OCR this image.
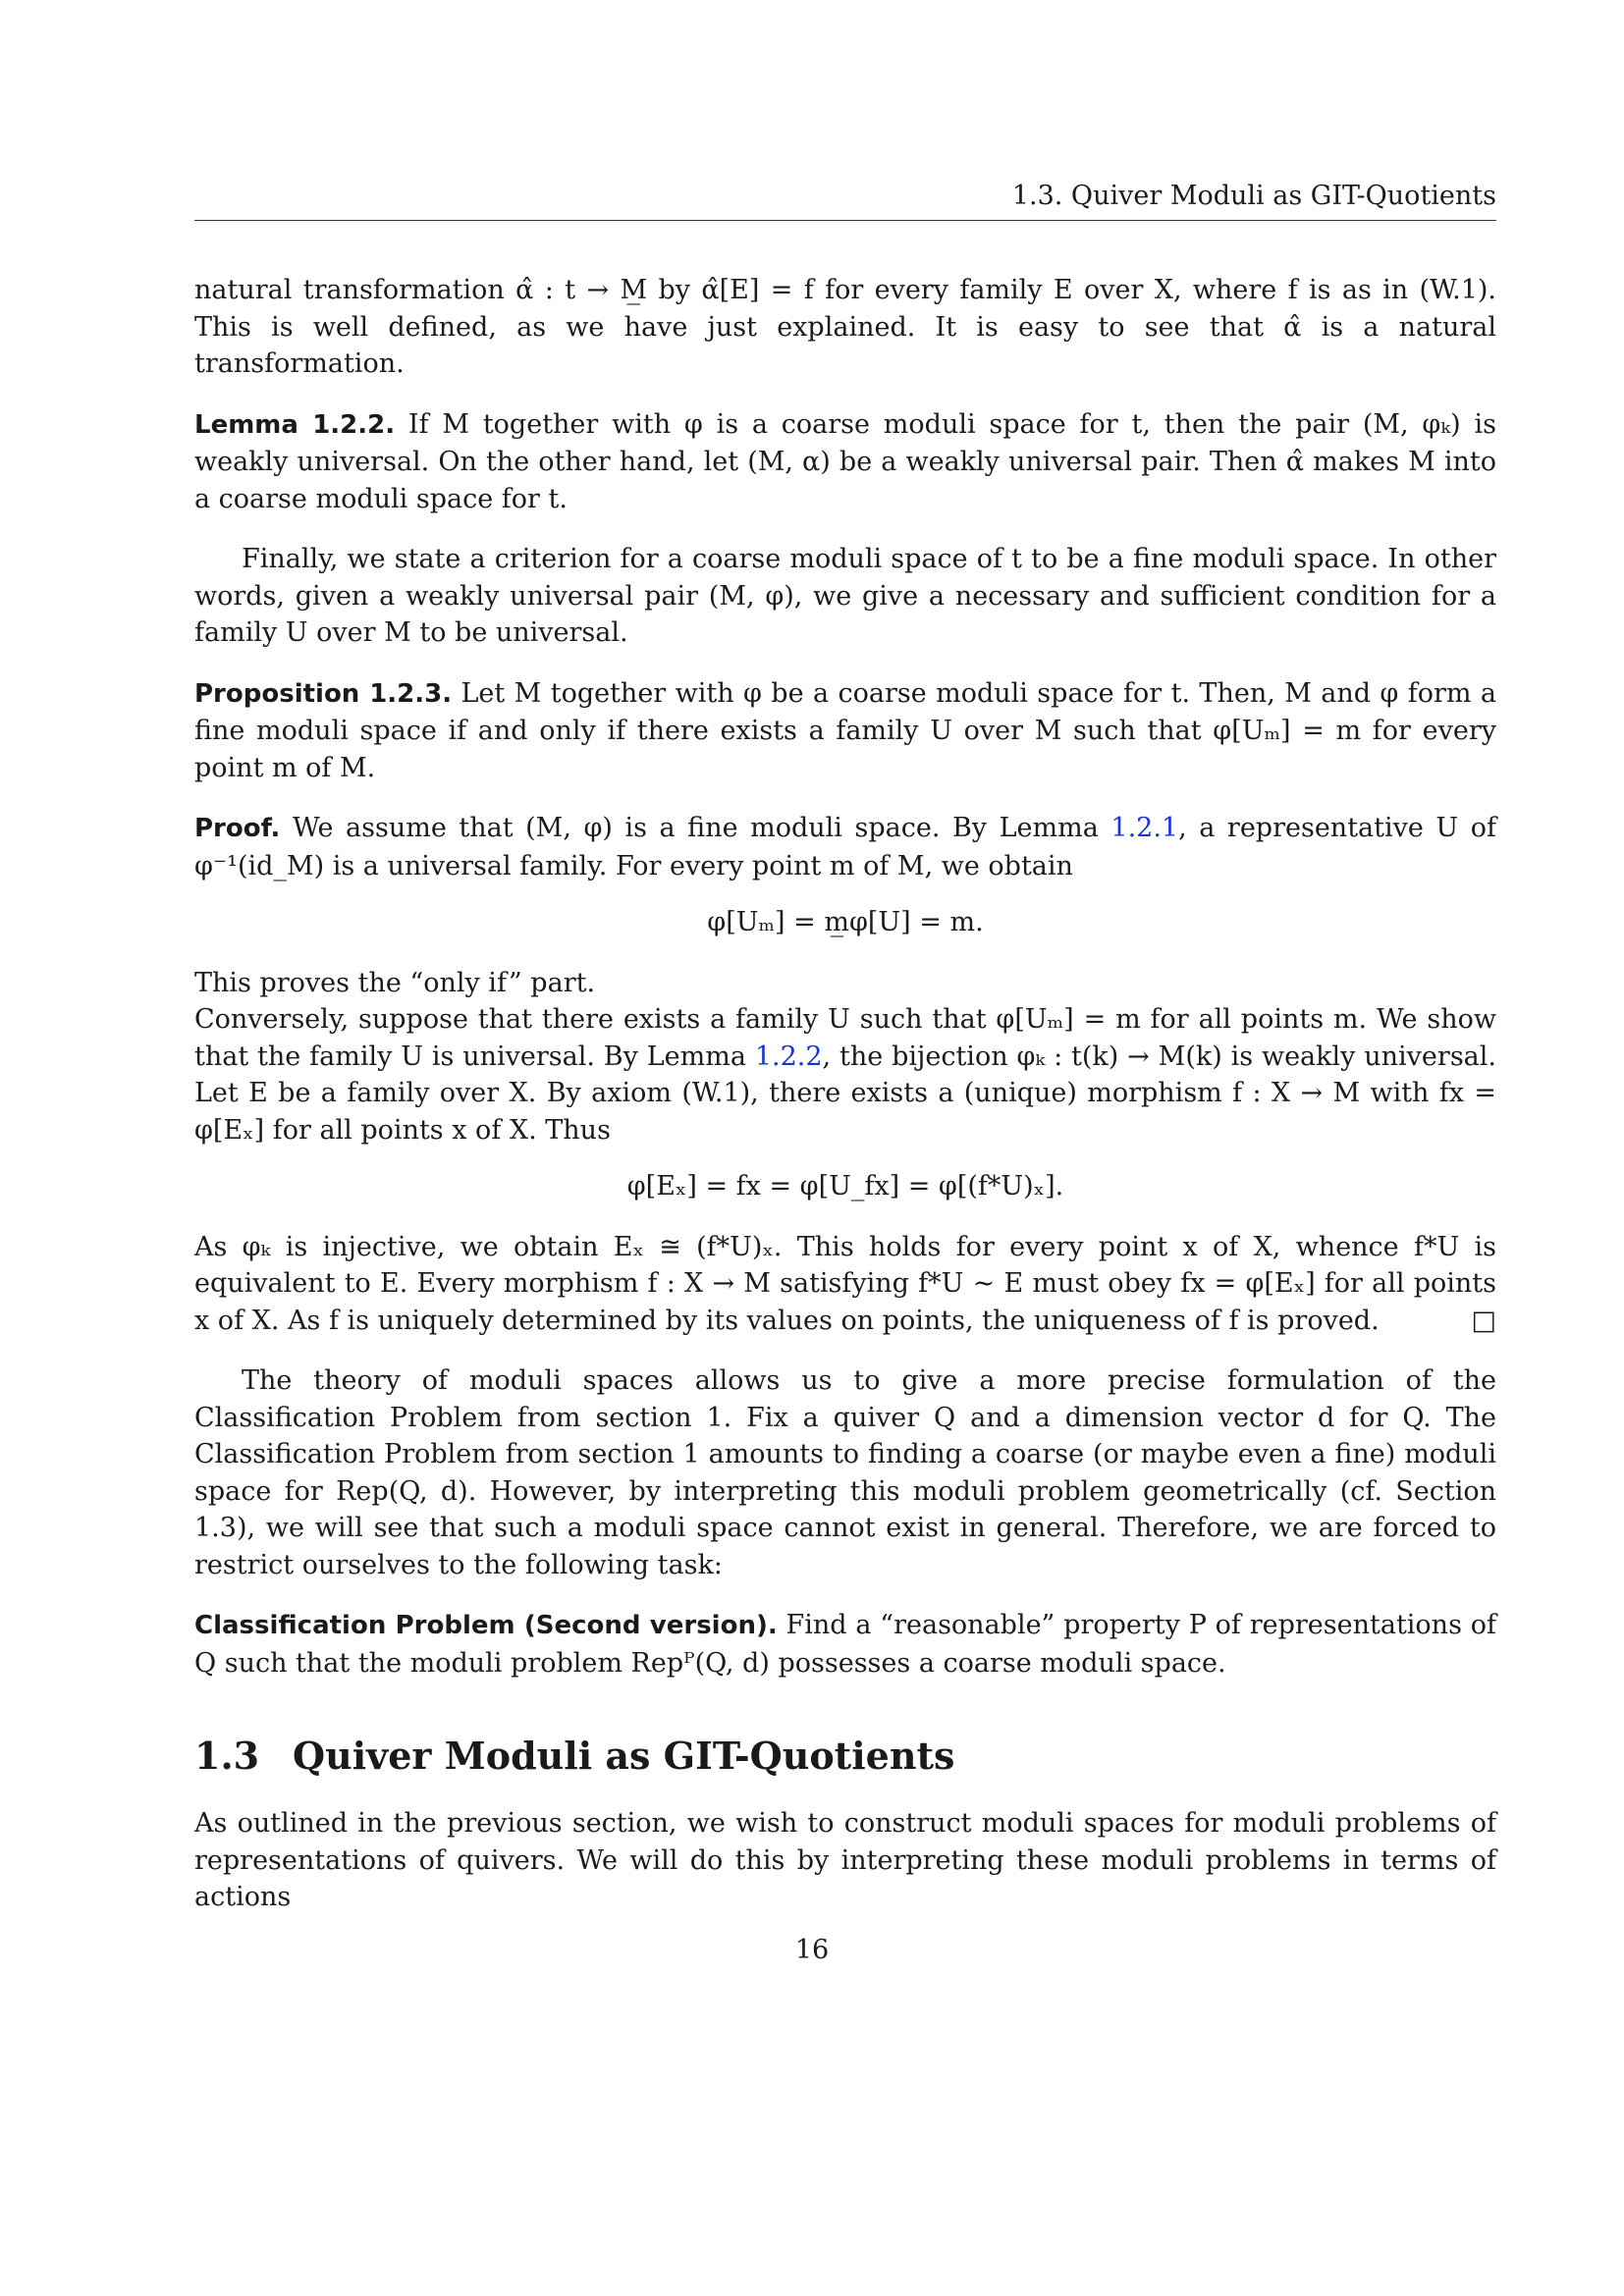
1.3. Quiver Moduli as GIT-Quotients

natural transformation α̂ : t → M̲ by α̂[E] = f for every family E over X, where f is as in (W.1). This is well defined, as we have just explained. It is easy to see that α̂ is a natural transformation.

Lemma 1.2.2. If M together with φ is a coarse moduli space for t, then the pair (M, φₖ) is weakly universal. On the other hand, let (M, α) be a weakly universal pair. Then α̂ makes M into a coarse moduli space for t.

Finally, we state a criterion for a coarse moduli space of t to be a fine moduli space. In other words, given a weakly universal pair (M, φ), we give a necessary and sufficient condition for a family U over M to be universal.

Proposition 1.2.3. Let M together with φ be a coarse moduli space for t. Then, M and φ form a fine moduli space if and only if there exists a family U over M such that φ[Uₘ] = m for every point m of M.

Proof. We assume that (M, φ) is a fine moduli space. By Lemma 1.2.1, a representative U of φ⁻¹(id_M) is a universal family. For every point m of M, we obtain

φ[Uₘ] = m̲φ[U] = m.

This proves the “only if” part.

Conversely, suppose that there exists a family U such that φ[Uₘ] = m for all points m. We show that the family U is universal. By Lemma 1.2.2, the bijection φₖ : t(k) → M(k) is weakly universal. Let E be a family over X. By axiom (W.1), there exists a (unique) morphism f : X → M with fx = φ[Eₓ] for all points x of X. Thus

φ[Eₓ] = fx = φ[U_fx] = φ[(f*U)ₓ].

As φₖ is injective, we obtain Eₓ ≅ (f*U)ₓ. This holds for every point x of X, whence f*U is equivalent to E. Every morphism f : X → M satisfying f*U ∼ E must obey fx = φ[Eₓ] for all points x of X. As f is uniquely determined by its values on points, the uniqueness of f is proved.	□

The theory of moduli spaces allows us to give a more precise formulation of the Classification Problem from section 1. Fix a quiver Q and a dimension vector d for Q. The Classification Problem from section 1 amounts to finding a coarse (or maybe even a fine) moduli space for Rep(Q, d). However, by interpreting this moduli problem geometrically (cf. Section 1.3), we will see that such a moduli space cannot exist in general. Therefore, we are forced to restrict ourselves to the following task:

Classification Problem (Second version). Find a “reasonable” property P of representations of Q such that the moduli problem Repᴾ(Q, d) possesses a coarse moduli space.

1.3 Quiver Moduli as GIT-Quotients

As outlined in the previous section, we wish to construct moduli spaces for moduli problems of representations of quivers. We will do this by interpreting these moduli problems in terms of actions

16
